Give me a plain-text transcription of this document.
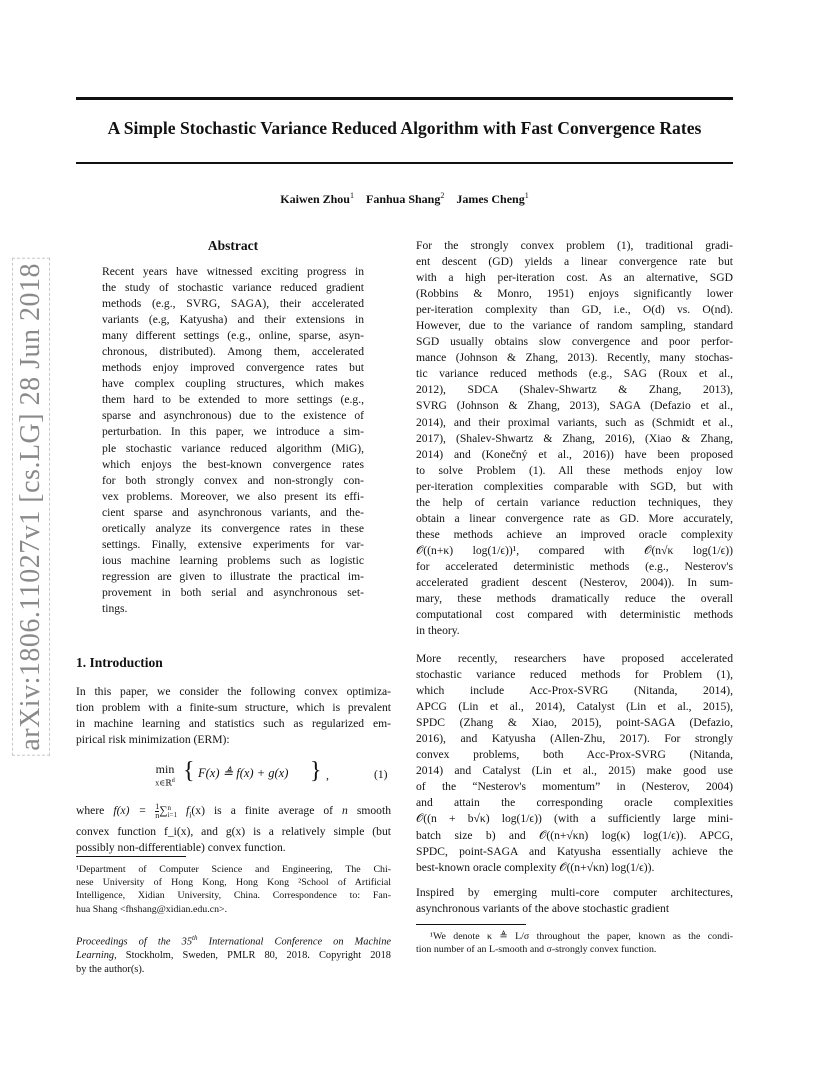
A Simple Stochastic Variance Reduced Algorithm with Fast Convergence Rates
Kaiwen Zhou$^1$ Fanhua Shang$^2$ James Cheng$^1$
arXiv:1806.11027v1 [cs.LG] 28 Jun 2018
Abstract
Recent years have witnessed exciting progress in
the study of stochastic variance reduced gradient
methods (e.g., SVRG, SAGA), their accelerated
variants (e.g, Katyusha) and their extensions in
many different settings (e.g., online, sparse, asyn-
chronous, distributed). Among them, accelerated
methods enjoy improved convergence rates but
have complex coupling structures, which makes
them hard to be extended to more settings (e.g.,
sparse and asynchronous) due to the existence of
perturbation. In this paper, we introduce a sim-
ple stochastic variance reduced algorithm (MiG),
which enjoys the best-known convergence rates
for both strongly convex and non-strongly con-
vex problems. Moreover, we also present its effi-
cient sparse and asynchronous variants, and the-
oretically analyze its convergence rates in these
settings. Finally, extensive experiments for var-
ious machine learning problems such as logistic
regression are given to illustrate the practical im-
provement in both serial and asynchronous set-
tings.
1. Introduction
In this paper, we consider the following convex optimiza-
tion problem with a finite-sum structure, which is prevalent
in machine learning and statistics such as regularized em-
pirical risk minimization (ERM):
min
x∈ℝ$^d$ { F(x) ≜ f(x) + g(x) } ,	(1)
where $f(x) = \frac{1}{n}$ ∑ n
i=1 $f_i(x)$ is a finite average of n smooth
convex function f_i(x), and g(x) is a relatively simple (but
possibly non-differentiable) convex function.
¹Department of Computer Science and Engineering, The Chi-
nese University of Hong Kong, Hong Kong ²School of Artificial
Intelligence, Xidian University, China. Correspondence to: Fan-
hua Shang <fhshang@xidian.edu.cn>.
Proceedings of the 35th International Conference on Machine
Learning, Stockholm, Sweden, PMLR 80, 2018. Copyright 2018
by the author(s).
For the strongly convex problem (1), traditional gradi-
ent descent (GD) yields a linear convergence rate but
with a high per-iteration cost. As an alternative, SGD
(Robbins & Monro, 1951) enjoys significantly lower
per-iteration complexity than GD, i.e., O(d) vs. O(nd).
However, due to the variance of random sampling, standard
SGD usually obtains slow convergence and poor perfor-
mance (Johnson & Zhang, 2013). Recently, many stochas-
tic variance reduced methods (e.g., SAG (Roux et al.,
2012), SDCA (Shalev-Shwartz & Zhang, 2013),
SVRG (Johnson & Zhang, 2013), SAGA (Defazio et al.,
2014), and their proximal variants, such as (Schmidt et al.,
2017), (Shalev-Shwartz & Zhang, 2016), (Xiao & Zhang,
2014) and (Konečný et al., 2016)) have been proposed
to solve Problem (1). All these methods enjoy low
per-iteration complexities comparable with SGD, but with
the help of certain variance reduction techniques, they
obtain a linear convergence rate as GD. More accurately,
these methods achieve an improved oracle complexity
𝒪((n+κ) log(1/ϵ))¹, compared with 𝒪(n√κ log(1/ϵ))
for accelerated deterministic methods (e.g., Nesterov's
accelerated gradient descent (Nesterov, 2004)). In sum-
mary, these methods dramatically reduce the overall
computational cost compared with deterministic methods
in theory.
More recently, researchers have proposed accelerated
stochastic variance reduced methods for Problem (1),
which include Acc-Prox-SVRG (Nitanda, 2014),
APCG (Lin et al., 2014), Catalyst (Lin et al., 2015),
SPDC (Zhang & Xiao, 2015), point-SAGA (Defazio,
2016), and Katyusha (Allen-Zhu, 2017). For strongly
convex problems, both Acc-Prox-SVRG (Nitanda,
2014) and Catalyst (Lin et al., 2015) make good use
of the “Nesterov's momentum” in (Nesterov, 2004)
and attain the corresponding oracle complexities
𝒪((n + b√κ) log(1/ϵ)) (with a sufficiently large mini-
batch size b) and 𝒪((n+√κn) log(κ) log(1/ϵ)). APCG,
SPDC, point-SAGA and Katyusha essentially achieve the
best-known oracle complexity 𝒪((n+√κn) log(1/ϵ)).
Inspired by emerging multi-core computer architectures,
asynchronous variants of the above stochastic gradient
¹We denote κ ≜ L/σ throughout the paper, known as the condi-
tion number of an L-smooth and σ-strongly convex function.
